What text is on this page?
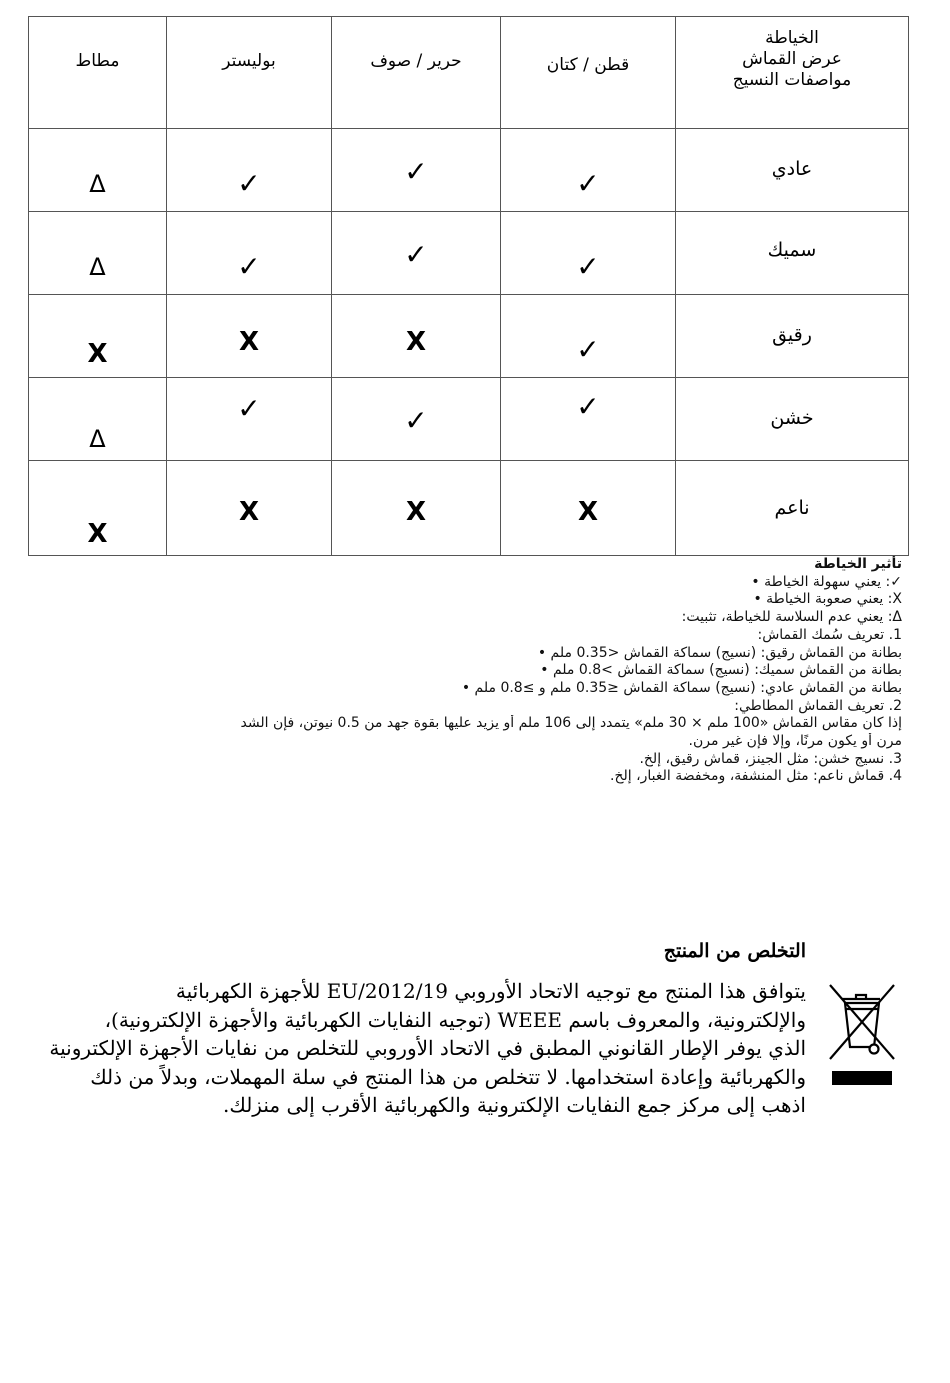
مطاط	بوليستر	حرير / صوف	قطن / كتان	الخياطة
عرض القماش
مواصفات النسيج

Δ	✓	✓	✓	عادي

Δ	✓	✓	✓	سميك

X	X	X	✓	رقيق

Δ	✓	✓	✓	خشن

X	X	X	X	ناعم
تأثير الخياطة
✓: يعني سهولة الخياطة •
X: يعني صعوبة الخياطة •
Δ: يعني عدم السلاسة للخياطة، تثبيت:
1. تعريف سُمك القماش:
بطانة من القماش رقيق: (نسيج) سماكة القماش <0.35 ملم •
بطانة من القماش سميك: (نسيج) سماكة القماش >0.8 ملم •
بطانة من القماش عادي: (نسيج) سماكة القماش ≤0.35 ملم و ≥0.8 ملم •
2. تعريف القماش المطاطي:
إذا كان مقاس القماش «100 ملم × 30 ملم» يتمدد إلى 106 ملم أو يزيد عليها بقوة جهد من 0.5 نيوتن، فإن الشد
مرن أو يكون مرنًا، وإلا فإن غير مرن.
3. نسيج خشن: مثل الجينز، قماش رقيق، إلخ.
4. قماش ناعم: مثل المنشفة، ومخفضة الغبار، إلخ.
التخلص من المنتج
يتوافق هذا المنتج مع توجيه الاتحاد الأوروبي EU/2012/19 للأجهزة الكهربائية
والإلكترونية، والمعروف باسم WEEE (توجيه النفايات الكهربائية والأجهزة الإلكترونية)،
الذي يوفر الإطار القانوني المطبق في الاتحاد الأوروبي للتخلص من نفايات الأجهزة الإلكترونية
والكهربائية وإعادة استخدامها. لا تتخلص من هذا المنتج في سلة المهملات، وبدلاً من ذلك
اذهب إلى مركز جمع النفايات الإلكترونية والكهربائية الأقرب إلى منزلك.
